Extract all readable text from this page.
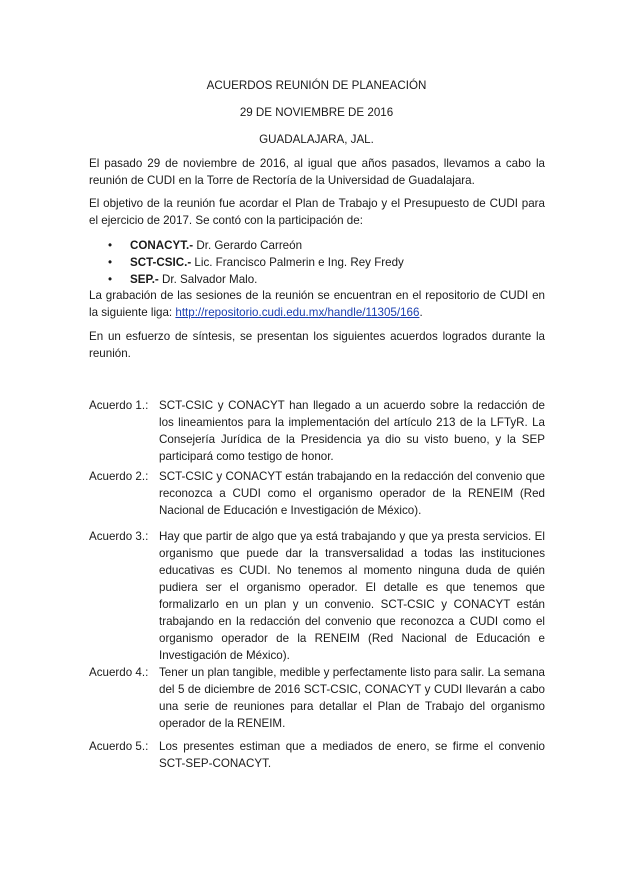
ACUERDOS REUNIÓN DE PLANEACIÓN
29 DE NOVIEMBRE DE 2016
GUADALAJARA, JAL.

El pasado 29 de noviembre de 2016, al igual que años pasados, llevamos a cabo la reunión de CUDI en la Torre de Rectoría de la Universidad de Guadalajara.

El objetivo de la reunión fue acordar el Plan de Trabajo y el Presupuesto de CUDI para el ejercicio de 2017. Se contó con la participación de:

• CONACYT.- Dr. Gerardo Carreón
• SCT-CSIC.- Lic. Francisco Palmerin e Ing. Rey Fredy
• SEP.- Dr. Salvador Malo.

La grabación de las sesiones de la reunión se encuentran en el repositorio de CUDI en la siguiente liga: http://repositorio.cudi.edu.mx/handle/11305/166.

En un esfuerzo de síntesis, se presentan los siguientes acuerdos logrados durante la reunión.

Acuerdo 1.: SCT-CSIC y CONACYT han llegado a un acuerdo sobre la redacción de los lineamientos para la implementación del artículo 213 de la LFTyR. La Consejería Jurídica de la Presidencia ya dio su visto bueno, y la SEP participará como testigo de honor.
Acuerdo 2.: SCT-CSIC y CONACYT están trabajando en la redacción del convenio que reconozca a CUDI como el organismo operador de la RENEIM (Red Nacional de Educación e Investigación de México).
Acuerdo 3.: Hay que partir de algo que ya está trabajando y que ya presta servicios. El organismo que puede dar la transversalidad a todas las instituciones educativas es CUDI. No tenemos al momento ninguna duda de quién pudiera ser el organismo operador. El detalle es que tenemos que formalizarlo en un plan y un convenio. SCT-CSIC y CONACYT están trabajando en la redacción del convenio que reconozca a CUDI como el organismo operador de la RENEIM (Red Nacional de Educación e Investigación de México).
Acuerdo 4.: Tener un plan tangible, medible y perfectamente listo para salir. La semana del 5 de diciembre de 2016 SCT-CSIC, CONACYT y CUDI llevarán a cabo una serie de reuniones para detallar el Plan de Trabajo del organismo operador de la RENEIM.
Acuerdo 5.: Los presentes estiman que a mediados de enero, se firme el convenio SCT-SEP-CONACYT.
